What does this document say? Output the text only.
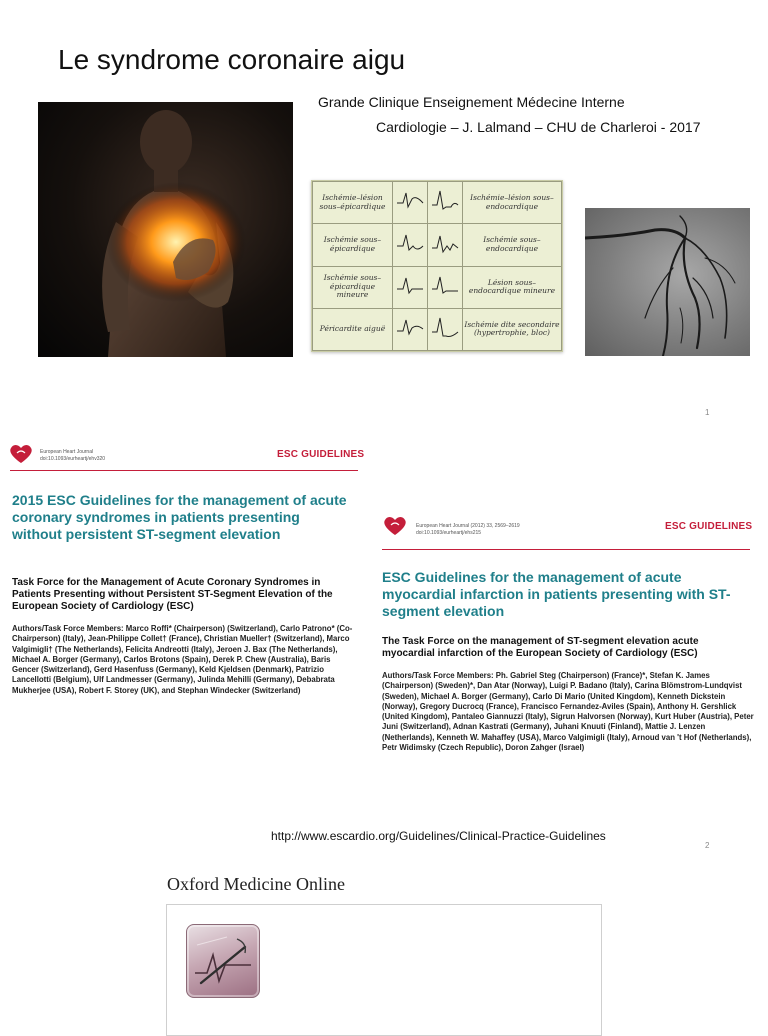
Le syndrome coronaire aigu
Grande Clinique Enseignement Médecine Interne
Cardiologie – J. Lalmand – CHU de Charleroi - 2017
Ischémie–lésion sous–épicardique			Ischémie–lésion sous–endocardique
Ischémie sous–épicardique			Ischémie sous–endocardique
Ischémie sous–épicardique mineure			Lésion sous–endocardique mineure
Péricardite aiguë			Ischémie dite secondaire (hypertrophie, bloc)
1
European Heart Journal
doi:10.1093/eurheartj/ehv320	ESC GUIDELINES
2015 ESC Guidelines for the management of acute coronary syndromes in patients presenting without persistent ST-segment elevation
Task Force for the Management of Acute Coronary Syndromes in Patients Presenting without Persistent ST-Segment Elevation of the European Society of Cardiology (ESC)
Authors/Task Force Members: Marco Roffi* (Chairperson) (Switzerland), Carlo Patrono* (Co-Chairperson) (Italy), Jean-Philippe Collet† (France), Christian Mueller† (Switzerland), Marco Valgimigli† (The Netherlands), Felicita Andreotti (Italy), Jeroen J. Bax (The Netherlands), Michael A. Borger (Germany), Carlos Brotons (Spain), Derek P. Chew (Australia), Baris Gencer (Switzerland), Gerd Hasenfuss (Germany), Keld Kjeldsen (Denmark), Patrizio Lancellotti (Belgium), Ulf Landmesser (Germany), Julinda Mehilli (Germany), Debabrata Mukherjee (USA), Robert F. Storey (UK), and Stephan Windecker (Switzerland)
European Heart Journal (2012) 33, 2569–2619
doi:10.1093/eurheartj/ehs215
ESC GUIDELINES
ESC Guidelines for the management of acute myocardial infarction in patients presenting with ST-segment elevation
The Task Force on the management of ST-segment elevation acute myocardial infarction of the European Society of Cardiology (ESC)
Authors/Task Force Members: Ph. Gabriel Steg (Chairperson) (France)*, Stefan K. James (Chairperson) (Sweden)*, Dan Atar (Norway), Luigi P. Badano (Italy), Carina Blömstrom-Lundqvist (Sweden), Michael A. Borger (Germany), Carlo Di Mario (United Kingdom), Kenneth Dickstein (Norway), Gregory Ducrocq (France), Francisco Fernandez-Aviles (Spain), Anthony H. Gershlick (United Kingdom), Pantaleo Giannuzzi (Italy), Sigrun Halvorsen (Norway), Kurt Huber (Austria), Peter Juni (Switzerland), Adnan Kastrati (Germany), Juhani Knuuti (Finland), Mattie J. Lenzen (Netherlands), Kenneth W. Mahaffey (USA), Marco Valgimigli (Italy), Arnoud van 't Hof (Netherlands), Petr Widimsky (Czech Republic), Doron Zahger (Israel)
http://www.escardio.org/Guidelines/Clinical-Practice-Guidelines
2
Oxford Medicine Online
